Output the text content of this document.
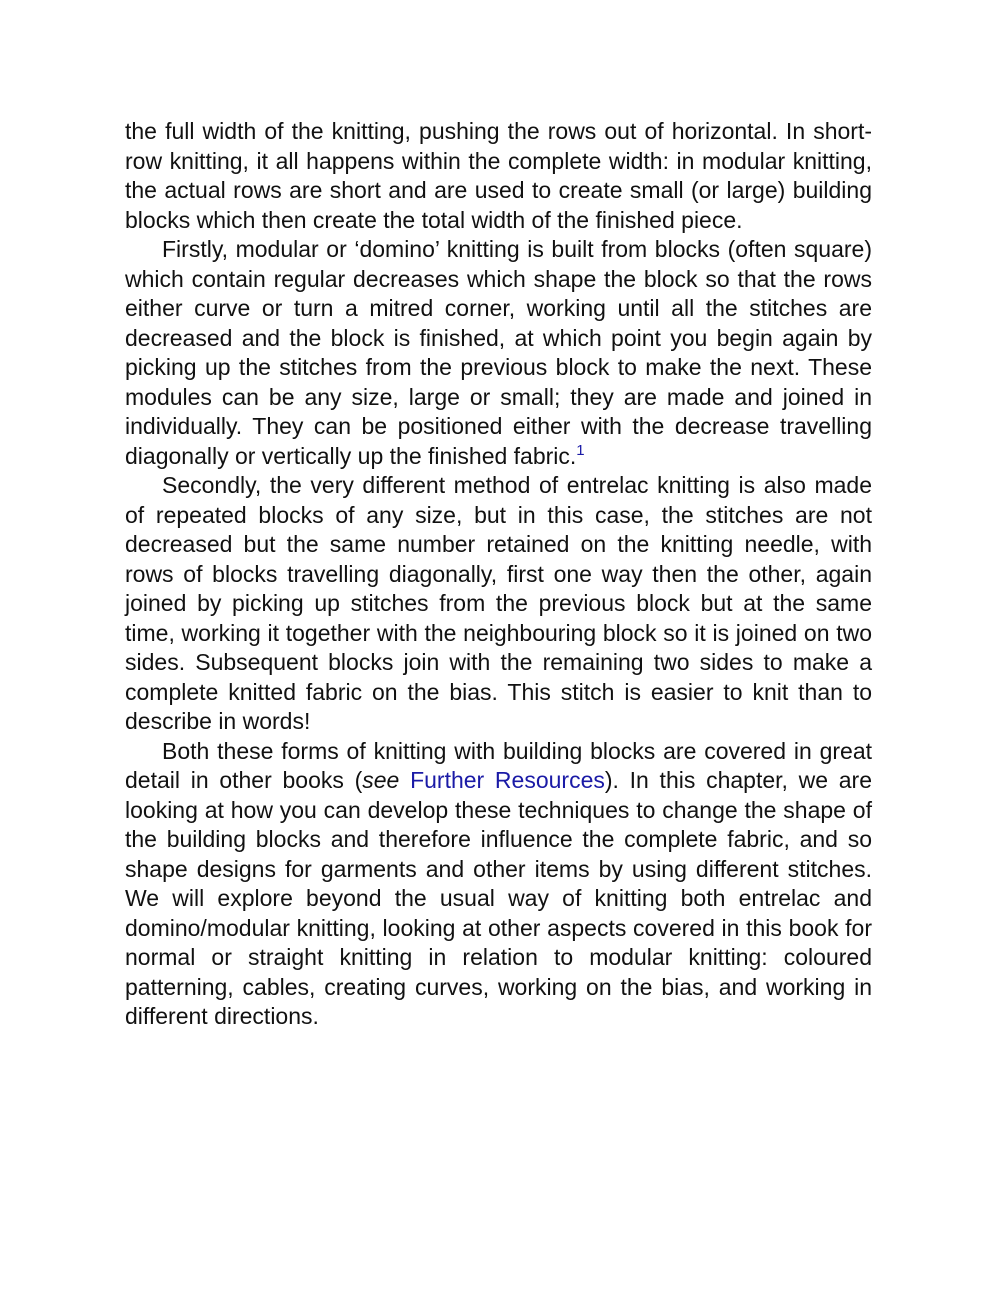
the full width of the knitting, pushing the rows out of horizontal. In short-row knitting, it all happens within the complete width: in modular knitting, the actual rows are short and are used to create small (or large) building blocks which then create the total width of the finished piece.

Firstly, modular or ‘domino’ knitting is built from blocks (often square) which contain regular decreases which shape the block so that the rows either curve or turn a mitred corner, working until all the stitches are decreased and the block is finished, at which point you begin again by picking up the stitches from the previous block to make the next. These modules can be any size, large or small; they are made and joined in individually. They can be positioned either with the decrease travelling diagonally or vertically up the finished fabric.$^1$

Secondly, the very different method of entrelac knitting is also made of repeated blocks of any size, but in this case, the stitches are not decreased but the same number retained on the knitting needle, with rows of blocks travelling diagonally, first one way then the other, again joined by picking up stitches from the previous block but at the same time, working it together with the neighbouring block so it is joined on two sides. Subsequent blocks join with the remaining two sides to make a complete knitted fabric on the bias. This stitch is easier to knit than to describe in words!

Both these forms of knitting with building blocks are covered in great detail in other books (see Further Resources). In this chapter, we are looking at how you can develop these techniques to change the shape of the building blocks and therefore influence the complete fabric, and so shape designs for garments and other items by using different stitches. We will explore beyond the usual way of knitting both entrelac and domino/modular knitting, looking at other aspects covered in this book for normal or straight knitting in relation to modular knitting: coloured patterning, cables, creating curves, working on the bias, and working in different directions.
